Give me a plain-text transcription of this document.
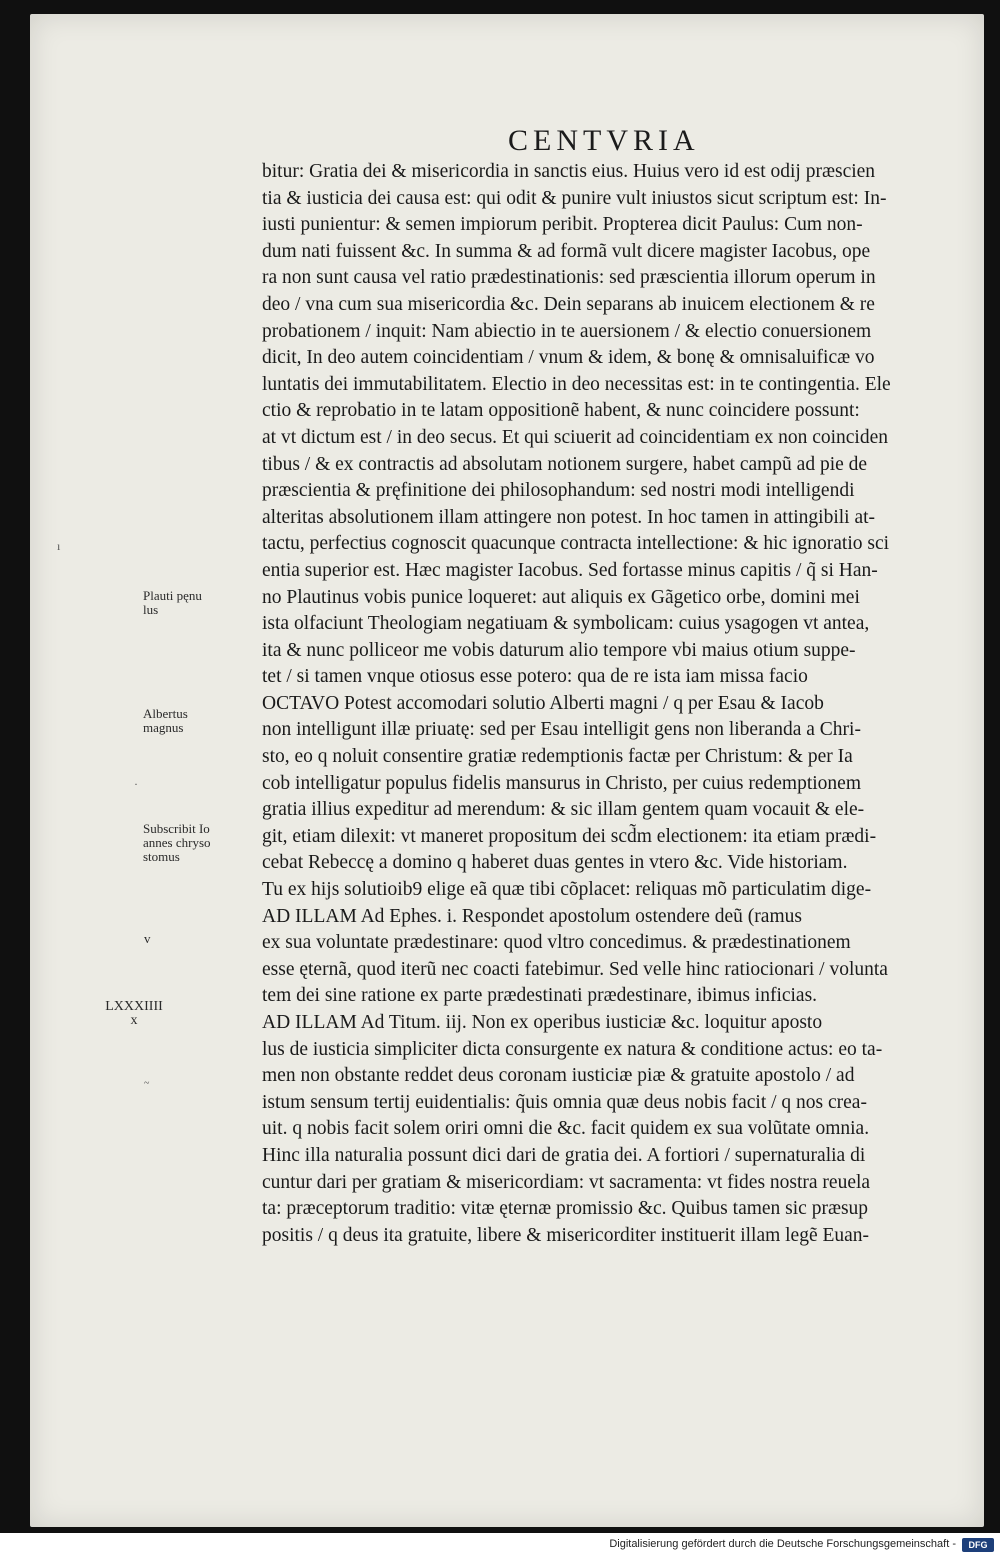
CENTVRIA
bitur: Gratia dei & misericordia in sanctis eius. Huius vero id est odij præscien
tia & iusticia dei causa est: qui odit & punire vult iniustos sicut scriptum est: In-
iusti punientur: & semen impiorum peribit. Propterea dicit Paulus: Cum non-
dum nati fuissent &c. In summa & ad formã vult dicere magister Iacobus, ope
ra non sunt causa vel ratio prædestinationis: sed præscientia illorum operum in
deo / vna cum sua misericordia &c. Dein separans ab inuicem electionem & re
probationem / inquit: Nam abiectio in te auersionem / & electio conuersionem
dicit, In deo autem coincidentiam / vnum & idem, & bonę & omnisaluificæ vo
luntatis dei immutabilitatem. Electio in deo necessitas est: in te contingentia. Ele
ctio & reprobatio in te latam oppositionẽ habent, & nunc coincidere possunt:
at vt dictum est / in deo secus. Et qui sciuerit ad coincidentiam ex non coinciden
tibus / & ex contractis ad absolutam notionem surgere, habet campũ ad pie de
præscientia & pręfinitione dei philosophandum: sed nostri modi intelligendi
alteritas absolutionem illam attingere non potest. In hoc tamen in attingibili at-
tactu, perfectius cognoscit quacunque contracta intellectione: & hic ignoratio sci
entia superior est. Hæc magister Iacobus. Sed fortasse minus capitis / q̃ si Han-
no Plautinus vobis punice loqueret: aut aliquis ex Gãgetico orbe, domini mei
ista olfaciunt Theologiam negatiuam & symbolicam: cuius ysagogen vt antea,
ita & nunc polliceor me vobis daturum alio tempore vbi maius otium suppe-
tet / si tamen vnque otiosus esse potero: qua de re ista iam missa facio
OCTAVO Potest accomodari solutio Alberti magni / q per Esau & Iacob
non intelligunt illæ priuatę: sed per Esau intelligit gens non liberanda a Chri-
sto, eo q noluit consentire gratiæ redemptionis factæ per Christum: & per Ia
cob intelligatur populus fidelis mansurus in Christo, per cuius redemptionem
gratia illius expeditur ad merendum: & sic illam gentem quam vocauit & ele-
git, etiam dilexit: vt maneret propositum dei scd̃m electionem: ita etiam prædi-
cebat Rebeccę a domino q haberet duas gentes in vtero &c. Vide historiam.
Tu ex hijs solutioib9 elige eã quæ tibi cõplacet: reliquas mõ particulatim dige-
AD ILLAM Ad Ephes. i. Respondet apostolum ostendere deũ (ramus
ex sua voluntate prædestinare: quod vltro concedimus. & prædestinationem
esse ęternã, quod iterũ nec coacti fatebimur. Sed velle hinc ratiocionari / volunta
tem dei sine ratione ex parte prædestinati prædestinare, ibimus inficias.
AD ILLAM Ad Titum. iij. Non ex operibus iusticiæ &c. loquitur aposto
lus de iusticia simpliciter dicta consurgente ex natura & conditione actus: eo ta-
men non obstante reddet deus coronam iusticiæ piæ & gratuite apostolo / ad
istum sensum tertij euidentialis: q̃uis omnia quæ deus nobis facit / q nos crea-
uit. q nobis facit solem oriri omni die &c. facit quidem ex sua volũtate omnia.
Hinc illa naturalia possunt dici dari de gratia dei. A fortiori / supernaturalia di
cuntur dari per gratiam & misericordiam: vt sacramenta: vt fides nostra reuela
ta: præceptorum traditio: vitæ ęternæ promissio &c. Quibus tamen sic præsup
positis / q deus ita gratuite, libere & misericorditer instituerit illam legẽ Euan-
Plauti pęnu
lus
Albertus
magnus
Subscribit Io
annes chryso
stomus
v
LXXXIIII
x
ı
·
~
Digitalisierung gefördert durch die Deutsche Forschungsgemeinschaft -	DFG
